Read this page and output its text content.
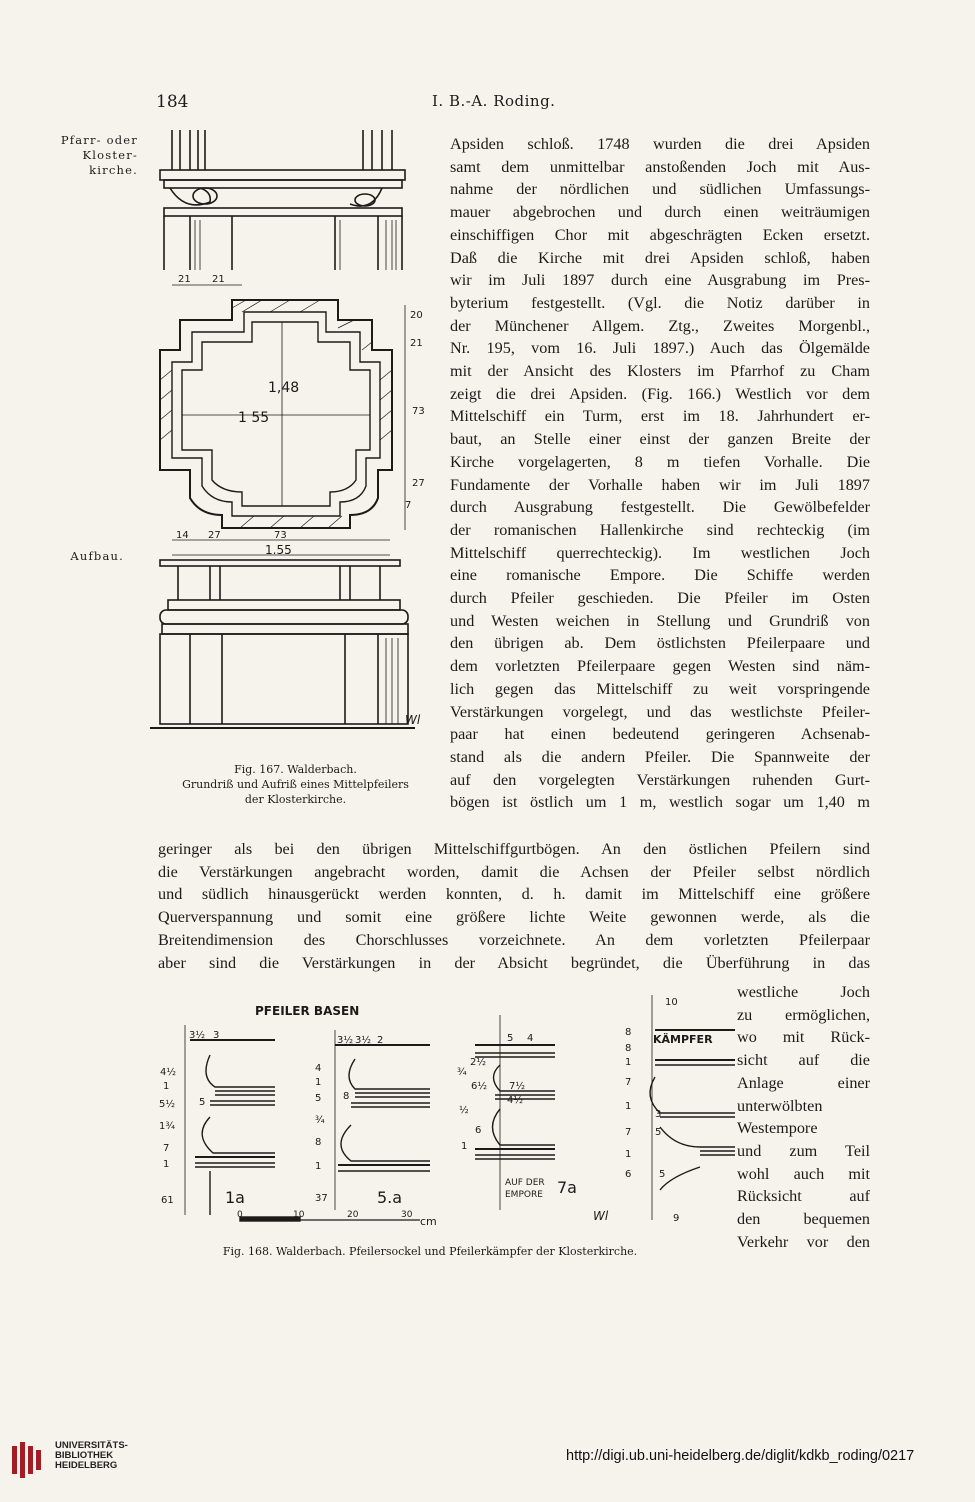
184	I. B.-A. Roding.
Pfarr- oder
Kloster-
kirche.
Aufbau.
21 21
20
21
1,48
1 55	73
27
7
14 27	73
1.55
Wl
Fig. 167. Walderbach.
Grundriß und Aufriß eines Mittelpfeilers
der Klosterkirche.
Apsiden schloß. 1748 wurden die drei Apsiden
samt dem unmittelbar anstoßenden Joch mit Aus-
nahme der nördlichen und südlichen Umfassungs-
mauer abgebrochen und durch einen weiträumigen
einschiffigen Chor mit abgeschrägten Ecken ersetzt.
Daß die Kirche mit drei Apsiden schloß, haben
wir im Juli 1897 durch eine Ausgrabung im Pres-
byterium festgestellt. (Vgl. die Notiz darüber in
der Münchener Allgem. Ztg., Zweites Morgenbl.,
Nr. 195, vom 16. Juli 1897.) Auch das Ölgemälde
mit der Ansicht des Klosters im Pfarrhof zu Cham
zeigt die drei Apsiden. (Fig. 166.) Westlich vor dem
Mittelschiff ein Turm, erst im 18. Jahrhundert er-
baut, an Stelle einer einst der ganzen Breite der
Kirche vorgelagerten, 8 m tiefen Vorhalle. Die
Fundamente der Vorhalle haben wir im Juli 1897
durch Ausgrabung festgestellt. Die Gewölbefelder
der romanischen Hallenkirche sind rechteckig (im
Mittelschiff querrechteckig). Im westlichen Joch
eine romanische Empore. Die Schiffe werden
durch Pfeiler geschieden. Die Pfeiler im Osten
und Westen weichen in Stellung und Grundriß von
den übrigen ab. Dem östlichsten Pfeilerpaare und
dem vorletzten Pfeilerpaare gegen Westen sind näm-
lich gegen das Mittelschiff zu weit vorspringende
Verstärkungen vorgelegt, und das westlichste Pfeiler-
paar hat einen bedeutend geringeren Achsenab-
stand als die andern Pfeiler. Die Spannweite der
auf den vorgelegten Verstärkungen ruhenden Gurt-
bögen ist östlich um 1 m, westlich sogar um 1,40 m
geringer als bei den übrigen Mittelschiffgurtbögen. An den östlichen Pfeilern sind
die Verstärkungen angebracht worden, damit die Achsen der Pfeiler selbst nördlich
und südlich hinausgerückt werden konnten, d. h. damit im Mittelschiff eine größere
Querverspannung und somit eine größere lichte Weite gewonnen werde, als die
Breitendimension des Chorschlusses vorzeichnete. An dem vorletzten Pfeilerpaar
aber sind die Verstärkungen in der Absicht begründet, die Überführung in das
westliche Joch
zu ermöglichen,
wo mit Rück-
sicht auf die
Anlage einer
unterwölbten
Westempore
und zum Teil
wohl auch mit
Rücksicht auf
den bequemen
Verkehr vor den
PFEILER BASEN
KÄMPFER
AUF DER
EMPORE
1a	5.a
7a
0	10	20	30 cm
3½ 3
4½
1
5½ 5
1¾
7
1
61
3½ 3½ 2
4
1
5 8
¾
8
1
37
5 4
2½
¾
6½ 7½
4½
½
6
1
8
10
8
1
7
1
3
5
7
1
6	5
9
Wl
Fig. 168. Walderbach. Pfeilersockel und Pfeilerkämpfer der Klosterkirche.
UNIVERSITÄTS-
BIBLIOTHEK
HEIDELBERG
http://digi.ub.uni-heidelberg.de/diglit/kdkb_roding/0217
